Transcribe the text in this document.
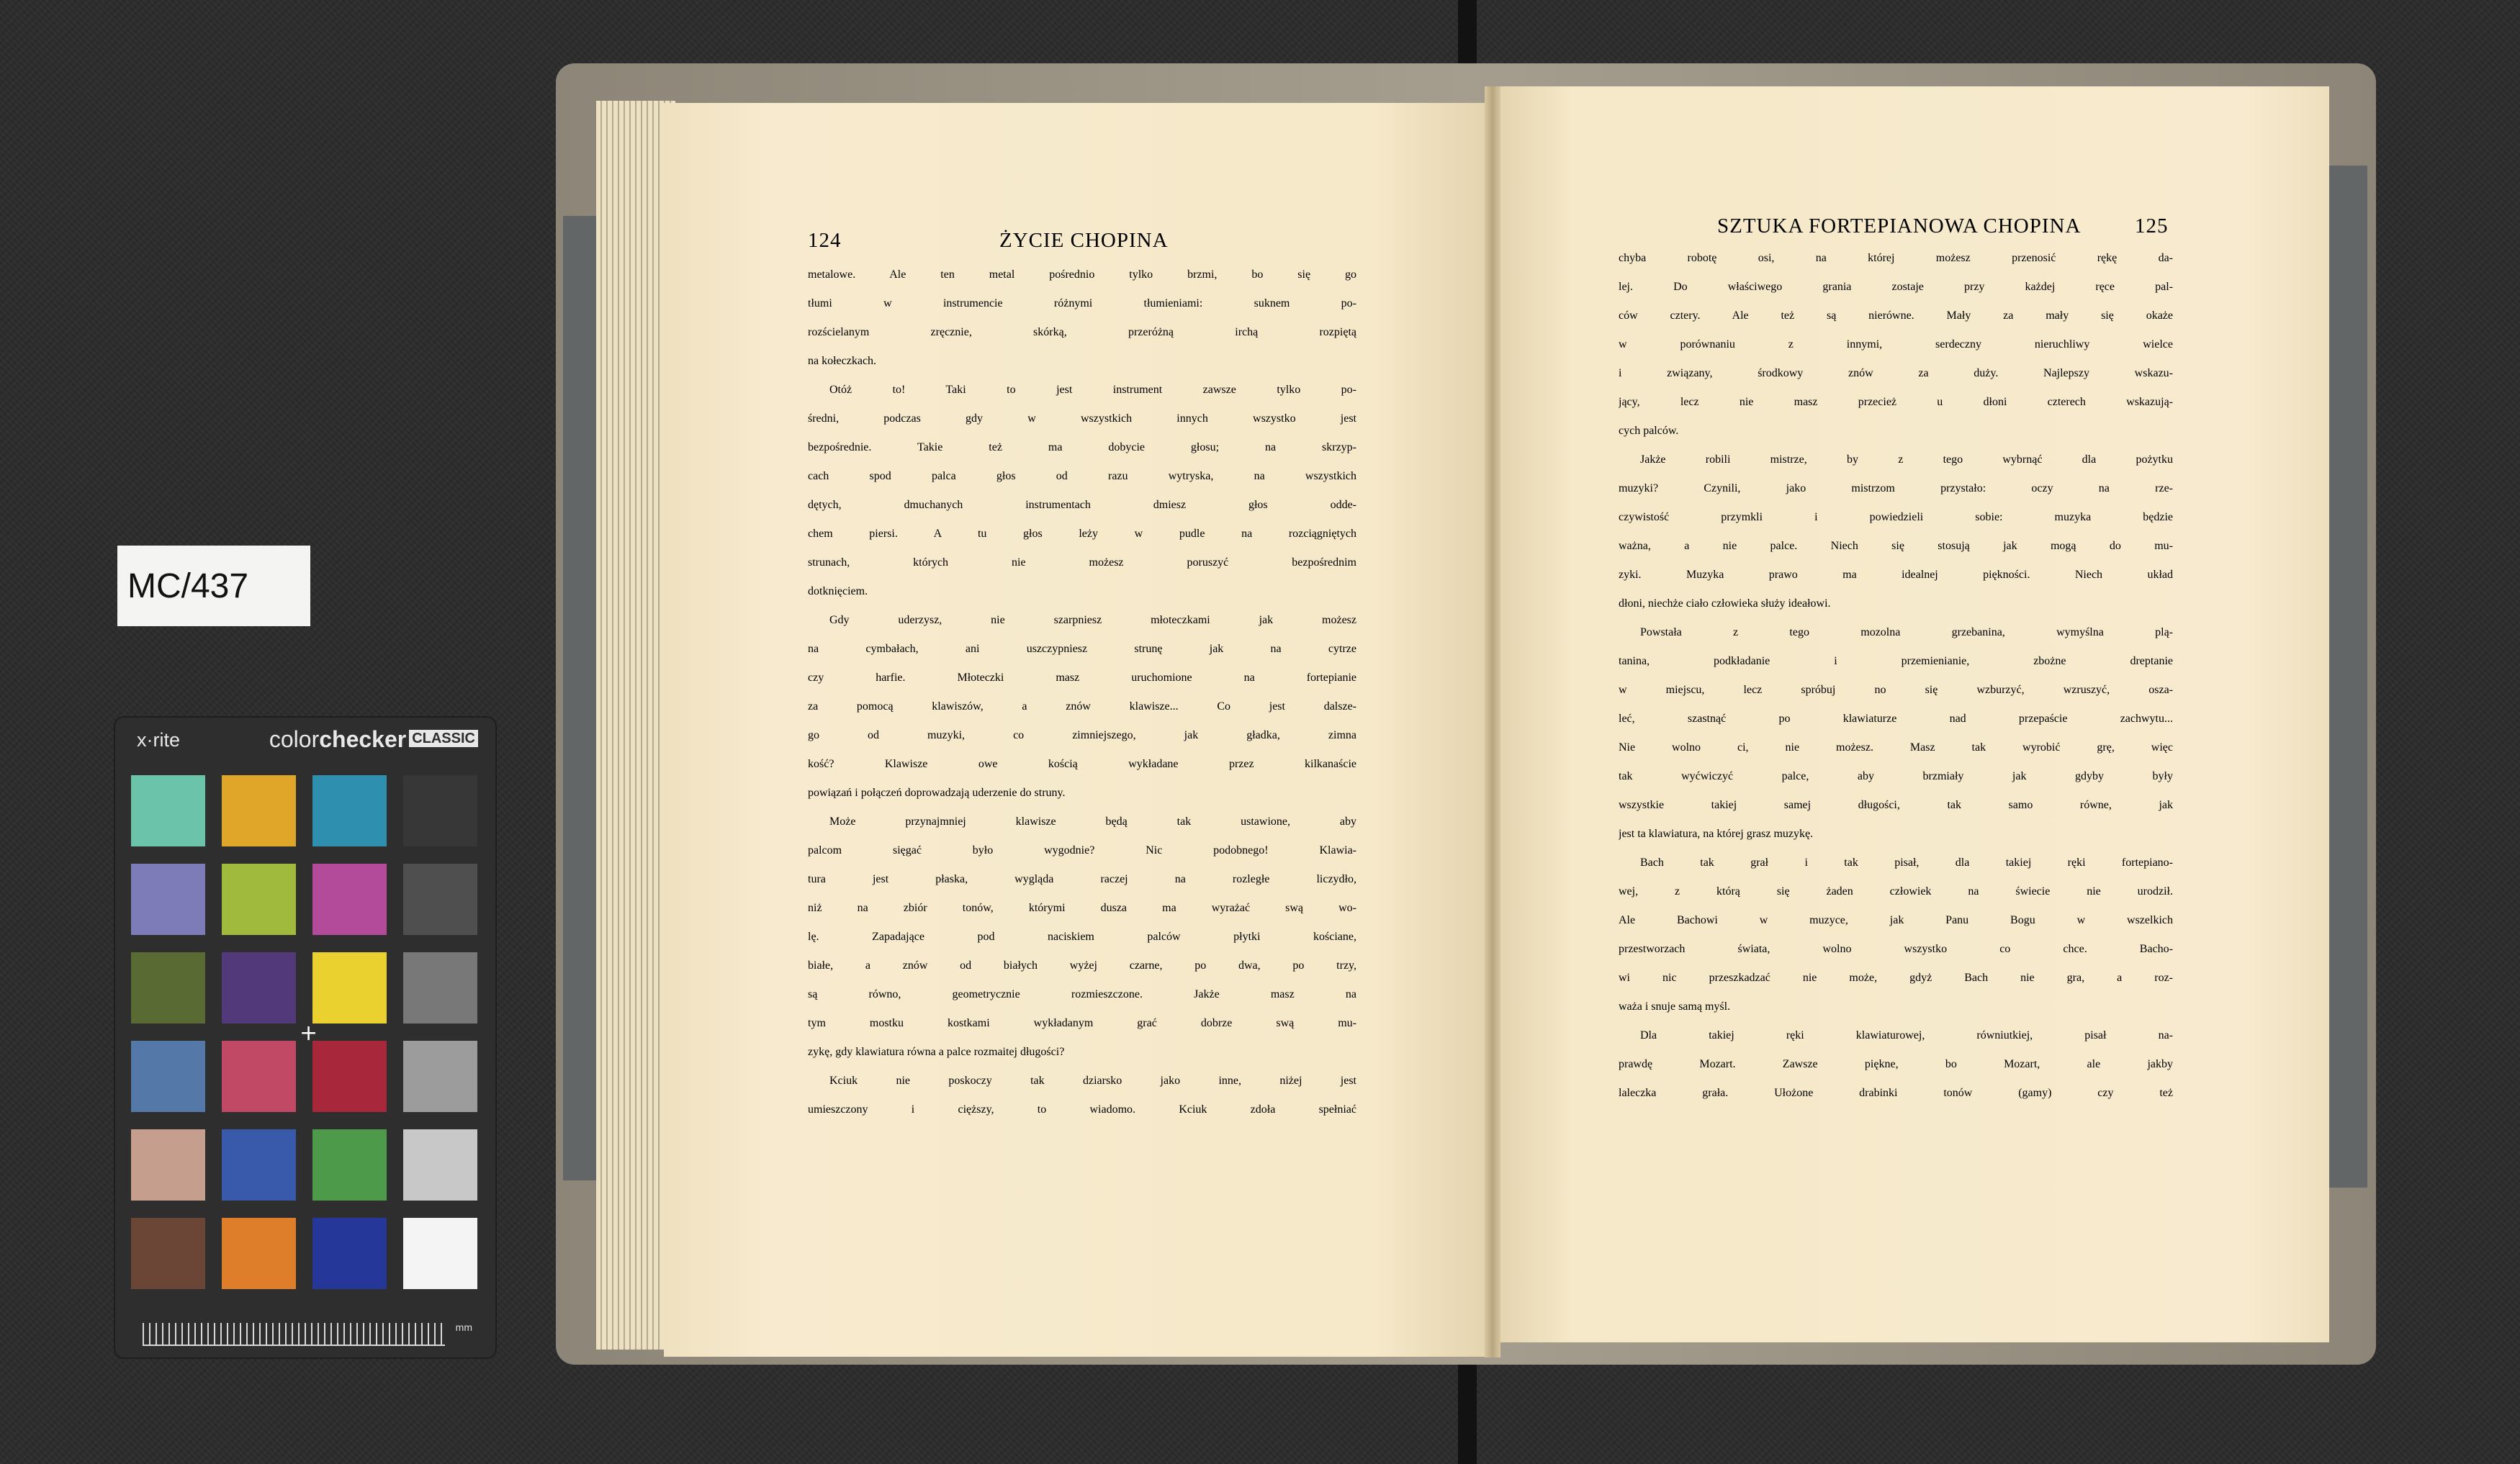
MC/437
x·rite	colorchecker CLASSIC
+
mm
124	ŻYCIE CHOPINA
SZTUKA FORTEPIANOWA CHOPINA	125
metalowe. Ale ten metal pośrednio tylko brzmi, bo się go
tłumi w instrumencie różnymi tłumieniami: suknem po-
rozścielanym zręcznie, skórką, przeróżną irchą rozpiętą
na kołeczkach.
Otóż to! Taki to jest instrument zawsze tylko po-
średni, podczas gdy w wszystkich innych wszystko jest
bezpośrednie. Takie też ma dobycie głosu; na skrzyp-
cach spod palca głos od razu wytryska, na wszystkich
dętych, dmuchanych instrumentach dmiesz głos odde-
chem piersi. A tu głos leży w pudle na rozciągniętych
strunach, których nie możesz poruszyć bezpośrednim
dotknięciem.
Gdy uderzysz, nie szarpniesz młoteczkami jak możesz
na cymbałach, ani uszczypniesz strunę jak na cytrze
czy harfie. Młoteczki masz uruchomione na fortepianie
za pomocą klawiszów, a znów klawisze... Co jest dalsze-
go od muzyki, co zimniejszego, jak gładka, zimna
kość? Klawisze owe kością wykładane przez kilkanaście
powiązań i połączeń doprowadzają uderzenie do struny.
Może przynajmniej klawisze będą tak ustawione, aby
palcom sięgać było wygodnie? Nic podobnego! Klawia-
tura jest płaska, wygląda raczej na rozległe liczydło,
niż na zbiór tonów, którymi dusza ma wyrażać swą wo-
lę. Zapadające pod naciskiem palców płytki kościane,
białe, a znów od białych wyżej czarne, po dwa, po trzy,
są równo, geometrycznie rozmieszczone. Jakże masz na
tym mostku kostkami wykładanym grać dobrze swą mu-
zykę, gdy klawiatura równa a palce rozmaitej długości?
Kciuk nie poskoczy tak dziarsko jako inne, niżej jest
umieszczony i cięższy, to wiadomo. Kciuk zdoła spełniać
chyba robotę osi, na której możesz przenosić rękę da-
lej. Do właściwego grania zostaje przy każdej ręce pal-
ców cztery. Ale też są nierówne. Mały za mały się okaże
w porównaniu z innymi, serdeczny nieruchliwy wielce
i związany, środkowy znów za duży. Najlepszy wskazu-
jący, lecz nie masz przecież u dłoni czterech wskazują-
cych palców.
Jakże robili mistrze, by z tego wybrnąć dla pożytku
muzyki? Czynili, jako mistrzom przystało: oczy na rze-
czywistość przymkli i powiedzieli sobie: muzyka będzie
ważna, a nie palce. Niech się stosują jak mogą do mu-
zyki. Muzyka prawo ma idealnej piękności. Niech układ
dłoni, niechże ciało człowieka służy ideałowi.
Powstała z tego mozolna grzebanina, wymyślna plą-
tanina, podkładanie i przemienianie, zbożne dreptanie
w miejscu, lecz spróbuj no się wzburzyć, wzruszyć, osza-
leć, szastnąć po klawiaturze nad przepaście zachwytu...
Nie wolno ci, nie możesz. Masz tak wyrobić grę, więc
tak wyćwiczyć palce, aby brzmiały jak gdyby były
wszystkie takiej samej długości, tak samo równe, jak
jest ta klawiatura, na której grasz muzykę.
Bach tak grał i tak pisał, dla takiej ręki fortepiano-
wej, z którą się żaden człowiek na świecie nie urodził.
Ale Bachowi w muzyce, jak Panu Bogu w wszelkich
przestworzach świata, wolno wszystko co chce. Bacho-
wi nic przeszkadzać nie może, gdyż Bach nie gra, a roz-
waża i snuje samą myśl.
Dla takiej ręki klawiaturowej, równiutkiej, pisał na-
prawdę Mozart. Zawsze piękne, bo Mozart, ale jakby
laleczka grała. Ułożone drabinki tonów (gamy) czy też
